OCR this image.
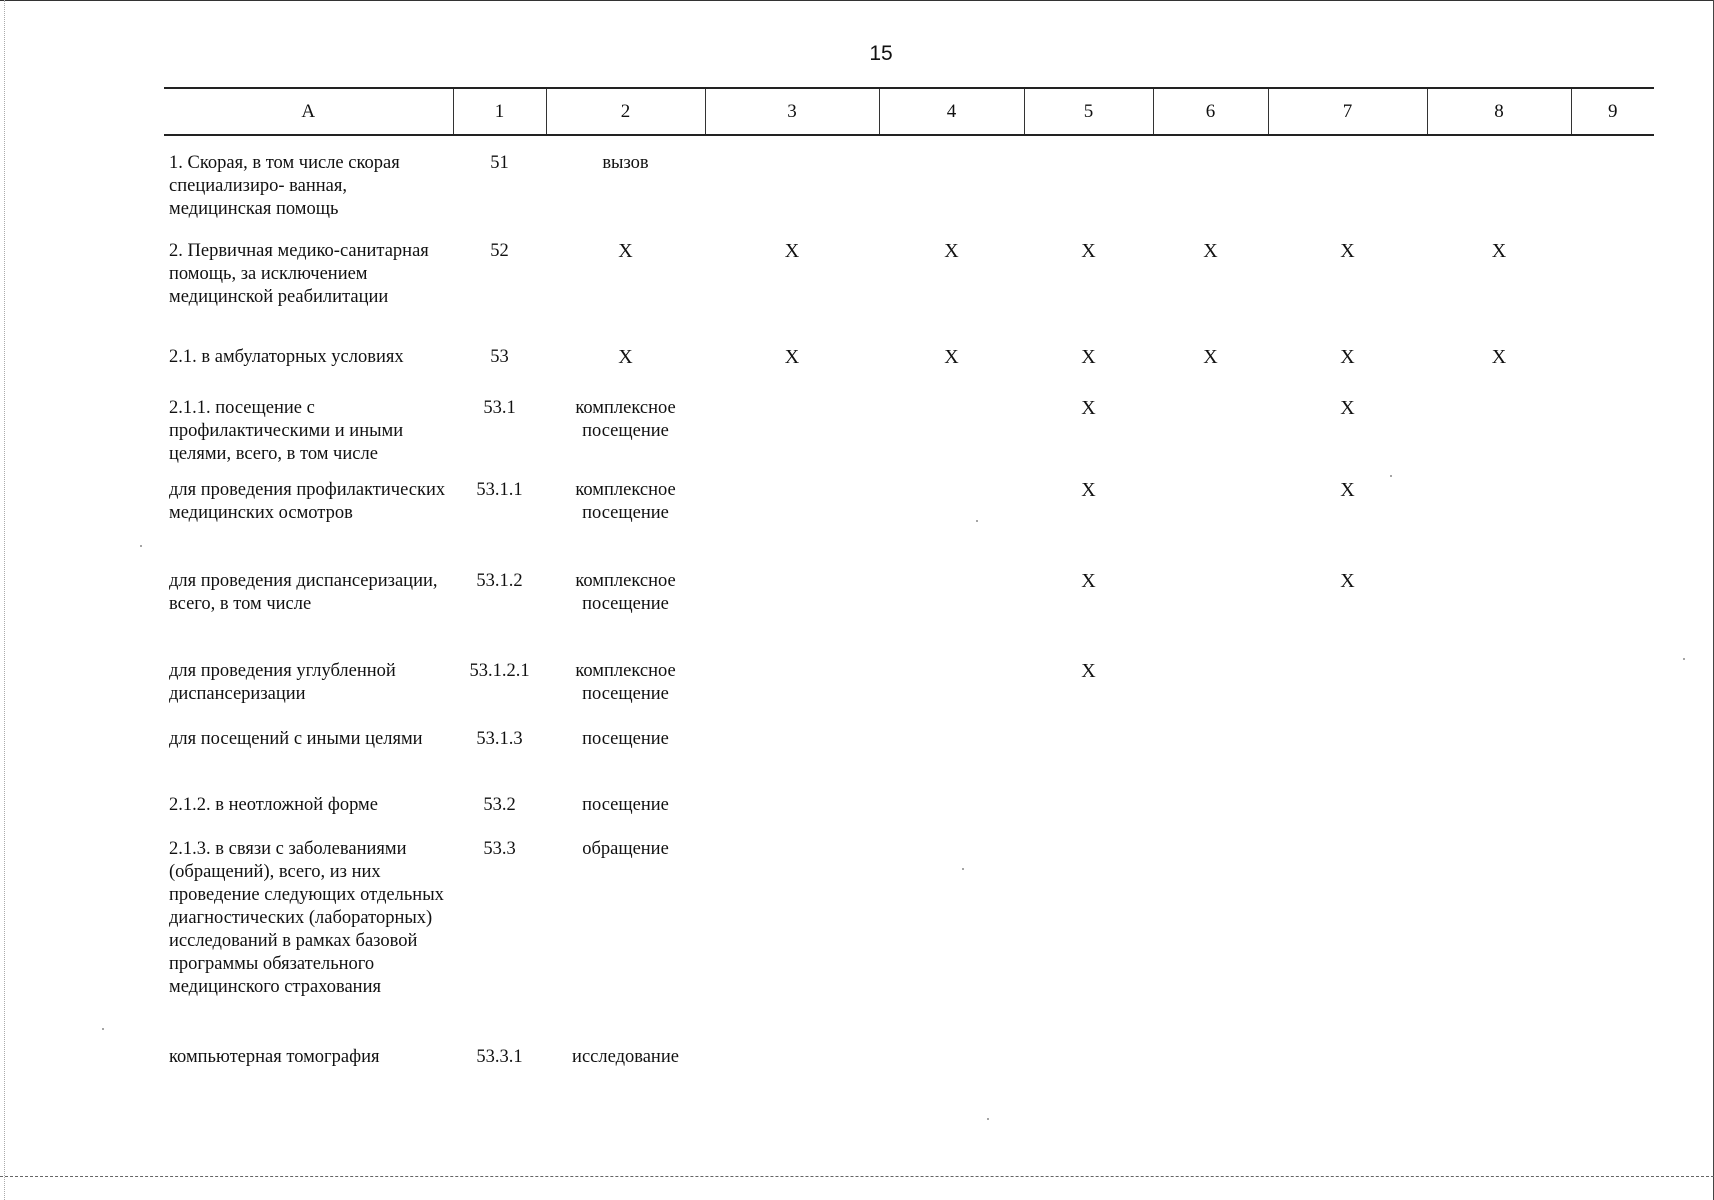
15
А	1	2	3	4	5	6	7	8	9
1. Скорая, в том числе скорая специализиро- ванная, медицинская помощь	51	вызов							
2. Первичная медико-санитарная помощь, за исключением медицинской реабилитации	52	Х	Х	Х	Х	Х	Х	Х	
2.1. в амбулаторных условиях	53	Х	Х	Х	Х	Х	Х	Х	
2.1.1. посещение с профилактическими и иными целями, всего, в том числе	53.1	комплексное посещение			Х		Х		
для проведения профилактических медицинских осмотров	53.1.1	комплексное посещение			Х		Х		
для проведения диспансеризации, всего, в том числе	53.1.2	комплексное посещение			Х		Х		
для проведения углубленной диспансеризации	53.1.2.1	комплексное посещение			Х				
для посещений с иными целями	53.1.3	посещение							
2.1.2. в неотложной форме	53.2	посещение							
2.1.3. в связи с заболеваниями (обращений), всего, из них проведение следующих отдельных диагностических (лабораторных) исследований в рамках базовой программы обязательного медицинского страхования	53.3	обращение							
компьютерная томография	53.3.1	исследование							
